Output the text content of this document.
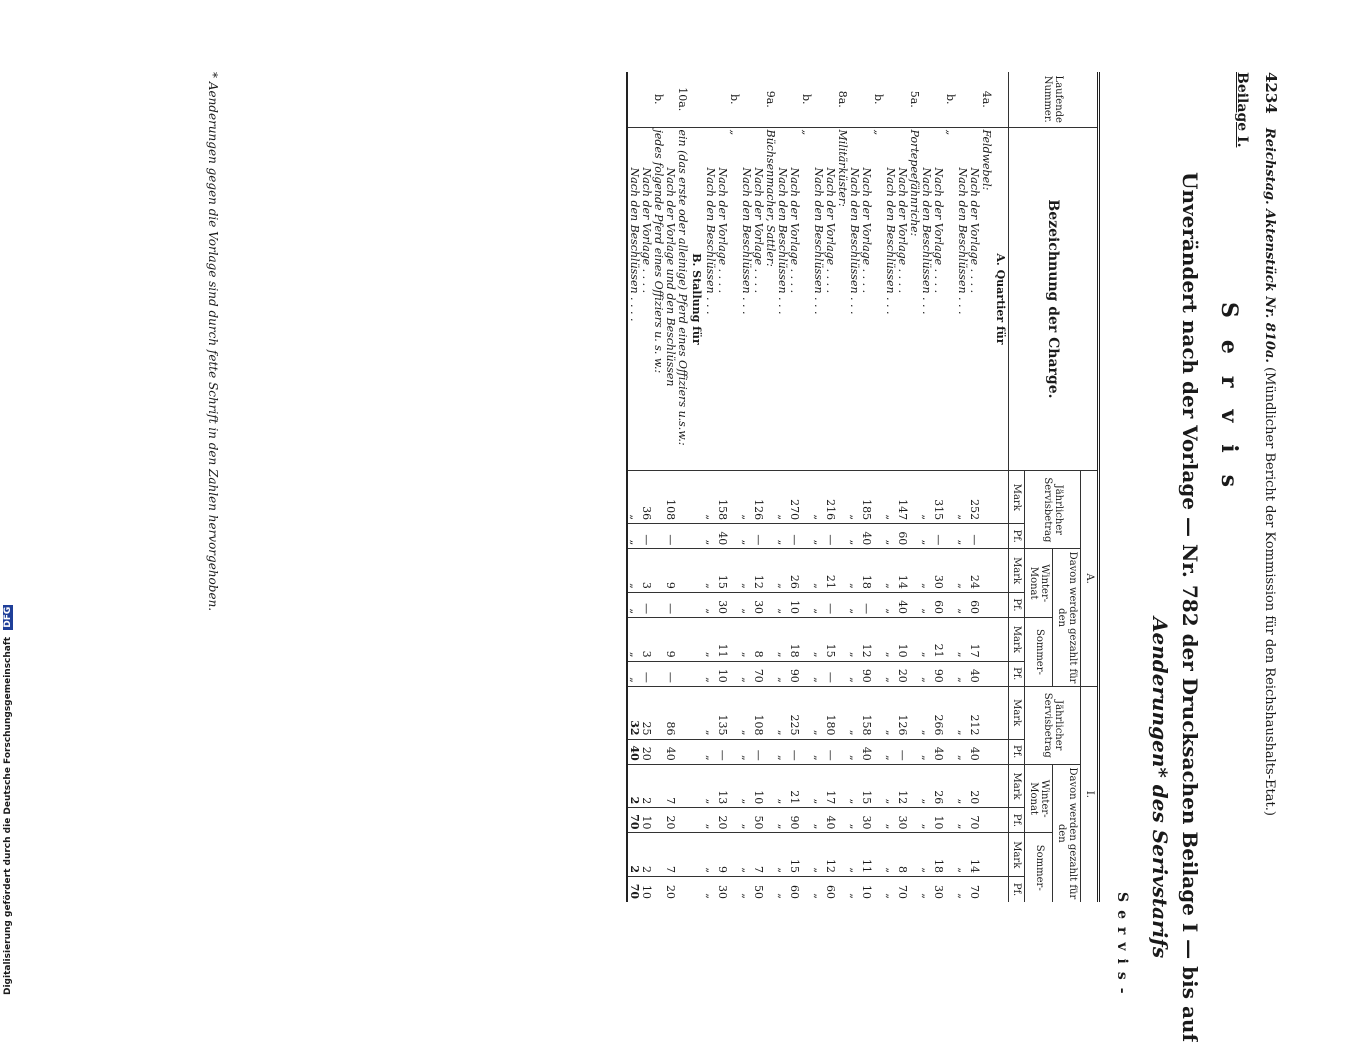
4234 Reichstag. Aktenstück Nr. 810a. (Mündlicher Bericht der Kommission für den Reichshaushalts-Etat.)
Beilage I.
Servis
Unverändert nach der Vorlage — Nr. 782 der Drucksachen Beilage I — bis auf
Aenderungen* des Serivstarifs
Servis-
Laufende Nummer.	Bezeichnung der Charge.	A.						I.					
		Jährlicher Servisbetrag		Davon werden gezahlt für den				Jährlicher Servisbetrag		Davon werden gezahlt für den			
				Winter- Monat		Sommer-				Winter- Monat		Sommer-	
		Mark	Pf.	Mark	Pf.	Mark	Pf.	Mark	Pf.	Mark	Pf.	Mark	Pf.
	A. Quartier für												
4a.	Feldwebel:												
	Nach der Vorlage . . . .	252	—	24	60	17	40	212	40	20	70	14	70
	Nach den Beschlüssen . . .	„	„	„	„	„	„	„	„	„	„	„	„
b.	„												
	Nach der Vorlage . . . .	315	—	30	60	21	90	266	40	26	10	18	30
	Nach den Beschlüssen . . .	„	„	„	„	„	„	„	„	„	„	„	„
5a.	Portepeefähnriche:												
	Nach der Vorlage . . . .	147	60	14	40	10	20	126	—	12	30	8	70
	Nach den Beschlüssen . . .	„	„	„	„	„	„	„	„	„	„	„	„
b.	„												
	Nach der Vorlage . . . .	185	40	18	—	12	90	158	40	15	30	11	10
	Nach den Beschlüssen . . .	„	„	„	„	„	„	„	„	„	„	„	„
8a.	Militärküster:												
	Nach der Vorlage . . . .	216	—	21	—	15	—	180	—	17	40	12	60
	Nach den Beschlüssen . . .	„	„	„	„	„	„	„	„	„	„	„	„
b.	„												
	Nach der Vorlage . . . .	270	—	26	10	18	90	225	—	21	90	15	60
	Nach den Beschlüssen . . .	„	„	„	„	„	„	„	„	„	„	„	„
9a.	Büchsenmacher, Sattler:												
	Nach der Vorlage . . . .	126	—	12	30	8	70	108	—	10	50	7	50
	Nach den Beschlüssen . . .	„	„	„	„	„	„	„	„	„	„	„	„
b.	„												
	Nach der Vorlage . . . .	158	40	15	30	11	10	135	—	13	20	9	30
	Nach den Beschlüssen . . .	„	„	„	„	„	„	„	„	„	„	„	„
	B. Stallung für												
10a.	ein (das erste oder alleinige) Pferd eines Offiziers u.s.w.:												
	Nach der Vorlage und den Beschlüssen	108	—	9	—	9	—	86	40	7	20	7	20
b.	jedes folgende Pferd eines Offiziers u. s. w.:												
	Nach der Vorlage . . . .	36	—	3	—	3	—	25	20	2	10	2	10
	Nach den Beschlüssen . . . .	„	„	„	„	„	„	32	40	2	70	2	70
* Aenderungen gegen die Vorlage sind durch fette Schrift in den Zahlen hervorgehoben.
Digitalisierung gefördert durch die Deutsche Forschungsgemeinschaft DFG
